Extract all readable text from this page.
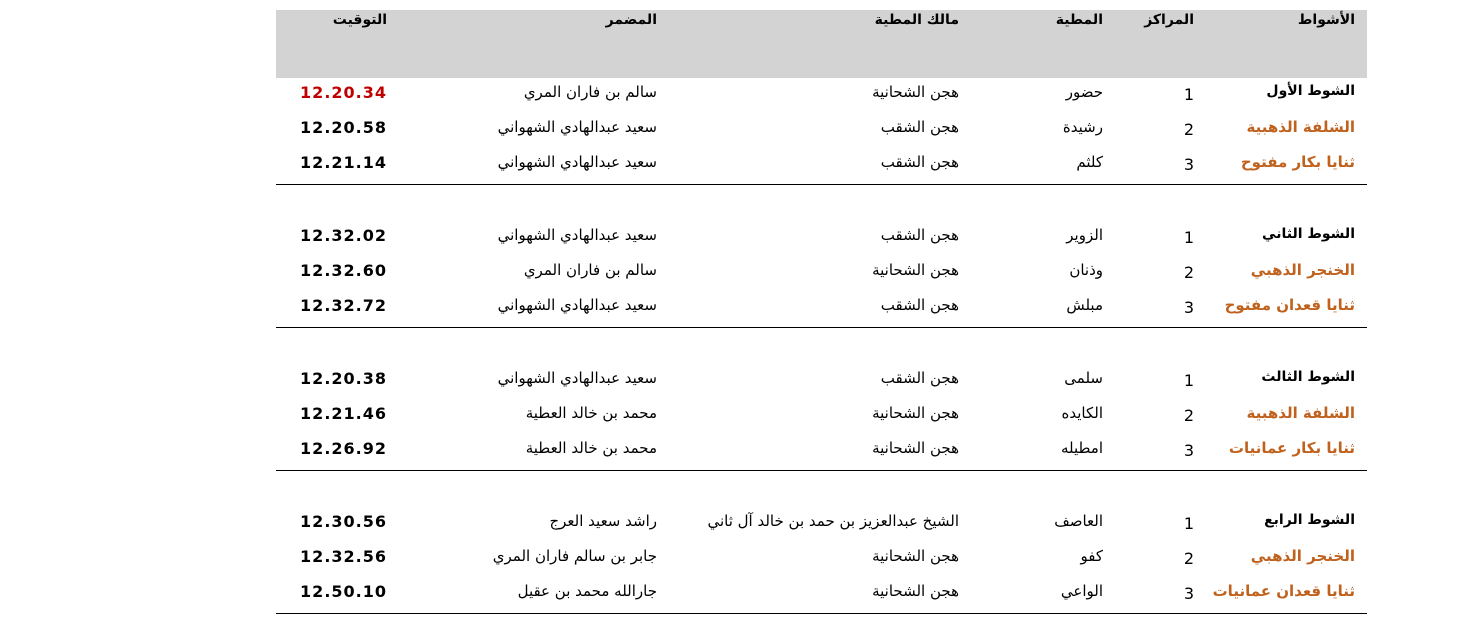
الأشواط
المراكز
المطية
مالك المطية
المضمر
التوقيت
الشوط الأول
1
حضور
هجن الشحانية
سالم بن فاران المري
12.20.34
الشلفة الذهبية
2
رشيدة
هجن الشقب
سعيد عبدالهادي الشهواني
12.20.58
ثنايا بكار مفتوح
3
كلثم
هجن الشقب
سعيد عبدالهادي الشهواني
12.21.14
الشوط الثاني
1
الزوير
هجن الشقب
سعيد عبدالهادي الشهواني
12.32.02
الخنجر الذهبي
2
وذنان
هجن الشحانية
سالم بن فاران المري
12.32.60
ثنايا قعدان مفتوح
3
مبلش
هجن الشقب
سعيد عبدالهادي الشهواني
12.32.72
الشوط الثالث
1
سلمى
هجن الشقب
سعيد عبدالهادي الشهواني
12.20.38
الشلفة الذهبية
2
الكايده
هجن الشحانية
محمد بن خالد العطية
12.21.46
ثنايا بكار عمانيات
3
امطيله
هجن الشحانية
محمد بن خالد العطية
12.26.92
الشوط الرابع
1
العاصف
الشيخ عبدالعزيز بن حمد بن خالد آل ثاني
راشد سعيد العرج
12.30.56
الخنجر الذهبي
2
كفو
هجن الشحانية
جابر بن سالم فاران المري
12.32.56
ثنايا قعدان عمانيات
3
الواعي
هجن الشحانية
جارالله محمد بن عقيل
12.50.10
